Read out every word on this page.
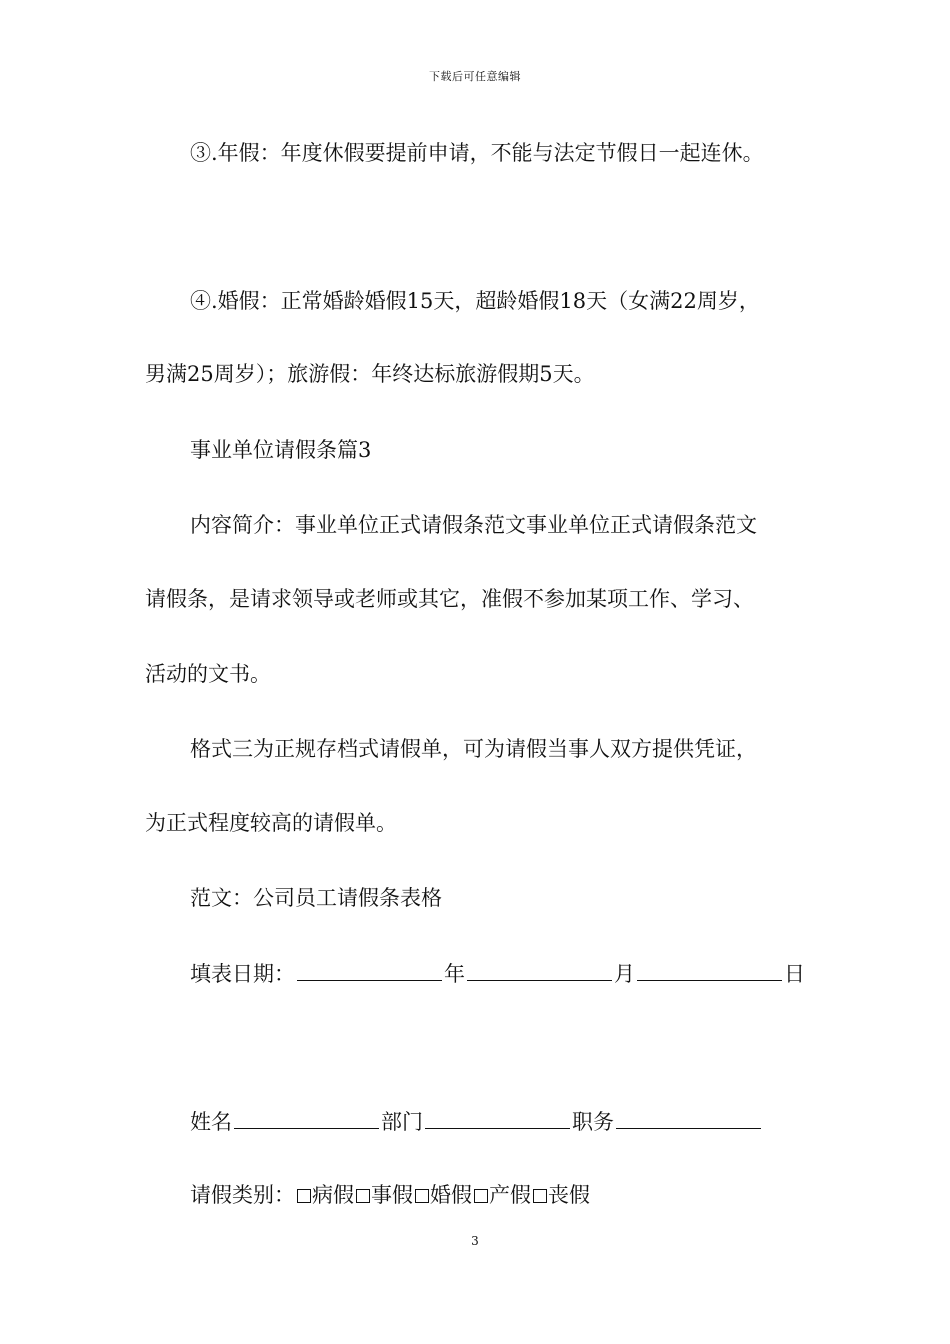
下载后可任意编辑
③.年假：年度休假要提前申请，不能与法定节假日一起连休。
④.婚假：正常婚龄婚假15天，超龄婚假18天（女满22周岁，
男满25周岁）；旅游假：年终达标旅游假期5天。
事业单位请假条篇3
内容简介：事业单位正式请假条范文事业单位正式请假条范文
请假条，是请求领导或老师或其它，准假不参加某项工作、学习、
活动的文书。
格式三为正规存档式请假单，可为请假当事人双方提供凭证，
为正式程度较高的请假单。
范文：公司员工请假条表格
填表日期：	年	月	日
姓名	部门	职务
请假类别： 病假 事假 婚假 产假 丧假
3
